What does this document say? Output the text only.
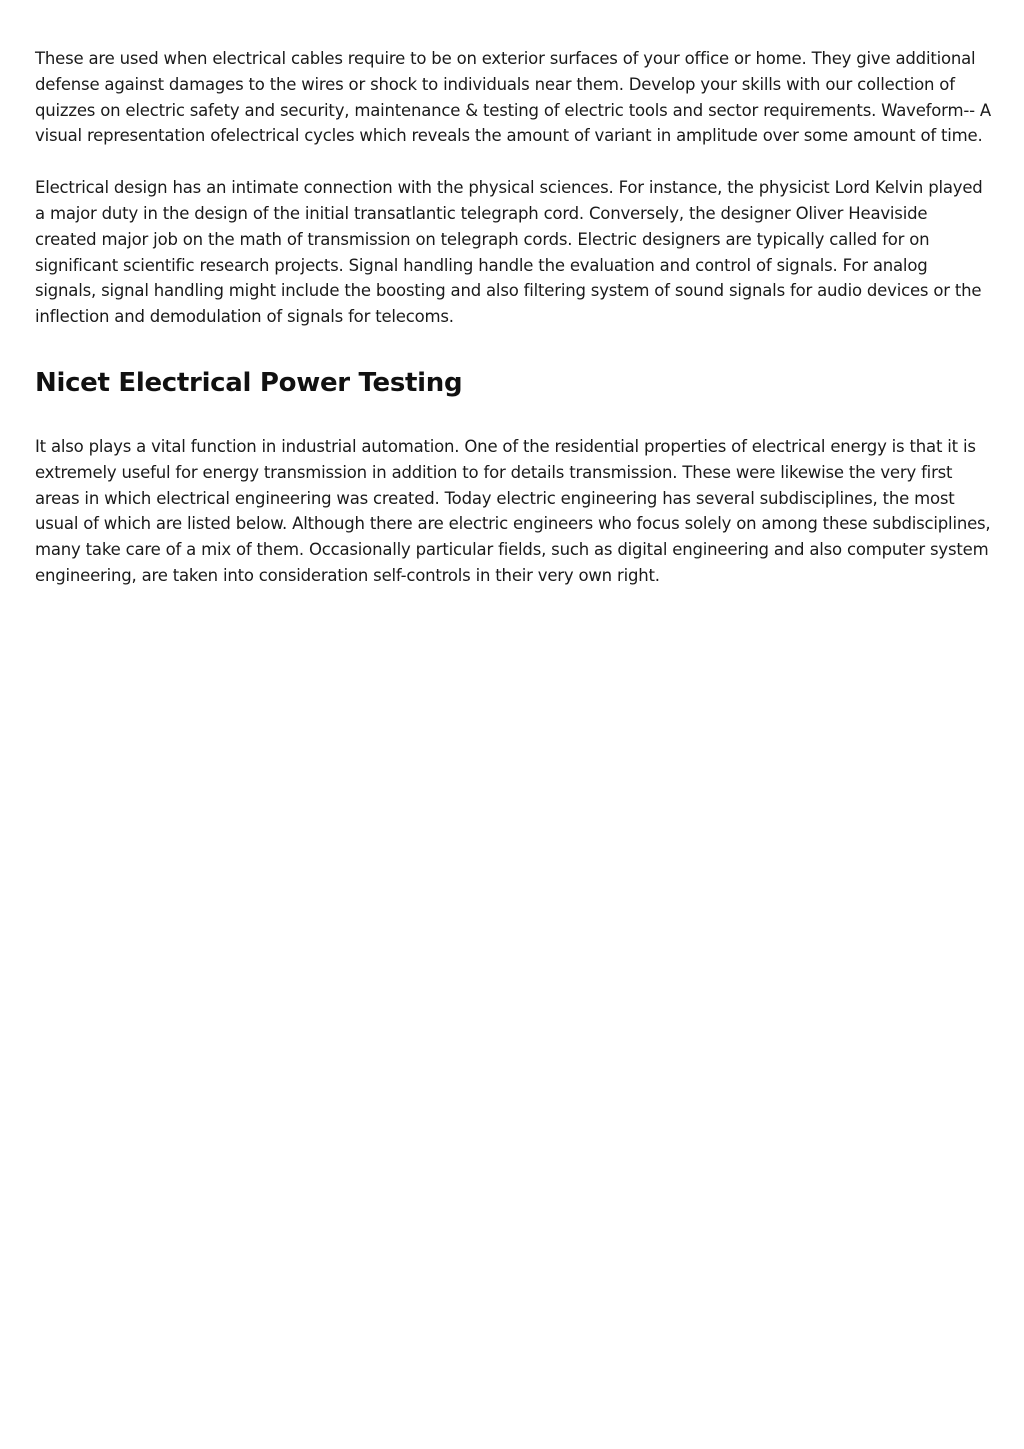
These are used when electrical cables require to be on exterior surfaces of your office or home. They give additional defense against damages to the wires or shock to individuals near them. Develop your skills with our collection of quizzes on electric safety and security, maintenance & testing of electric tools and sector requirements. Waveform-- A visual representation ofelectrical cycles which reveals the amount of variant in amplitude over some amount of time.

Electrical design has an intimate connection with the physical sciences. For instance, the physicist Lord Kelvin played a major duty in the design of the initial transatlantic telegraph cord. Conversely, the designer Oliver Heaviside created major job on the math of transmission on telegraph cords. Electric designers are typically called for on significant scientific research projects. Signal handling handle the evaluation and control of signals. For analog signals, signal handling might include the boosting and also filtering system of sound signals for audio devices or the inflection and demodulation of signals for telecoms.

Nicet Electrical Power Testing

It also plays a vital function in industrial automation. One of the residential properties of electrical energy is that it is extremely useful for energy transmission in addition to for details transmission. These were likewise the very first areas in which electrical engineering was created. Today electric engineering has several subdisciplines, the most usual of which are listed below. Although there are electric engineers who focus solely on among these subdisciplines, many take care of a mix of them. Occasionally particular fields, such as digital engineering and also computer system engineering, are taken into consideration self-controls in their very own right.
